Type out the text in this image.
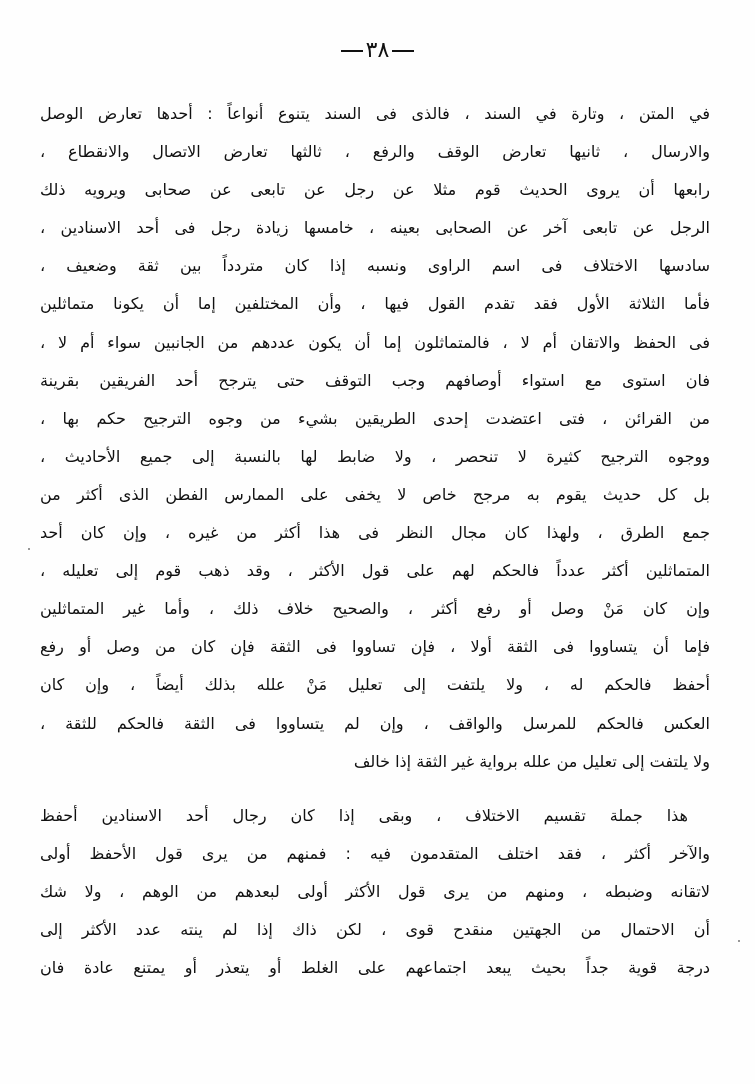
٣٨
في المتن ، وتارة في السند ، فالذى فى السند يتنوع أنواعاً : أحدها تعارض الوصل
والارسال ، ثانيها تعارض الوقف والرفع ، ثالثها تعارض الاتصال والانقطاع ،
رابعها أن يروى الحديث قوم مثلا عن رجل عن تابعى عن صحابى ويرويه ذلك
الرجل عن تابعى آخر عن الصحابى بعينه ، خامسها زيادة رجل فى أحد الاسنادين ،
سادسها الاختلاف فى اسم الراوى ونسبه إذا كان متردداً بين ثقة وضعيف ،
فأما الثلاثة الأول فقد تقدم القول فيها ، وأن المختلفين إما أن يكونا متماثلين
فى الحفظ والاتقان أم لا ، فالمتماثلون إما أن يكون عددهم من الجانبين سواء أم لا ،
فان استوى مع استواء أوصافهم وجب التوقف حتى يترجح أحد الفريقين بقرينة
من القرائن ، فتى اعتضدت إحدى الطريقين بشيء من وجوه الترجيح حكم بها ،
ووجوه الترجيح كثيرة لا تنحصر ، ولا ضابط لها بالنسبة إلى جميع الأحاديث ،
بل كل حديث يقوم به مرجح خاص لا يخفى على الممارس الفطن الذى أكثر من
جمع الطرق ، ولهذا كان مجال النظر فى هذا أكثر من غيره ، وإن كان أحد
المتماثلين أكثر عدداً فالحكم لهم على قول الأكثر ، وقد ذهب قوم إلى تعليله ،
وإن كان مَنْ وصل أو رفع أكثر ، والصحيح خلاف ذلك ، وأما غير المتماثلين
فإما أن يتساووا فى الثقة أولا ، فإن تساووا فى الثقة فإن كان من وصل أو رفع
أحفظ فالحكم له ، ولا يلتفت إلى تعليل مَنْ علله بذلك أيضاً ، وإن كان
العكس فالحكم للمرسل والواقف ، وإن لم يتساووا فى الثقة فالحكم للثقة ،
ولا يلتفت إلى تعليل من علله برواية غير الثقة إذا خالف
هذا جملة تقسيم الاختلاف ، وبقى إذا كان رجال أحد الاسنادين أحفظ
والآخر أكثر ، فقد اختلف المتقدمون فيه : فمنهم من يرى قول الأحفظ أولى
لاتقانه وضبطه ، ومنهم من يرى قول الأكثر أولى لبعدهم من الوهم ، ولا شك
أن الاحتمال من الجهتين منقدح قوى ، لكن ذاك إذا لم ينته عدد الأكثر إلى
درجة قوية جداً بحيث يبعد اجتماعهم على الغلط أو يتعذر أو يمتنع عادة فان
